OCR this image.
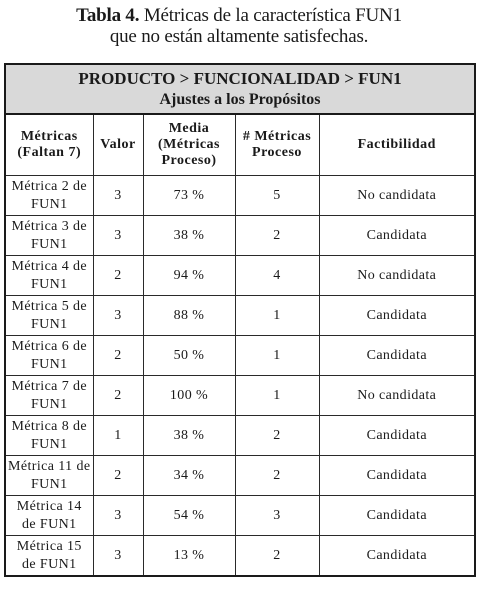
Tabla 4. Métricas de la característica FUN1
que no están altamente satisfechas.
PRODUCTO > FUNCIONALIDAD > FUN1
Ajustes a los Propósitos				

Métricas (Faltan 7)	Valor	Media (Métricas Proceso)	# Métricas Proceso	Factibilidad
Métrica 2 de FUN1	3	73 %	5	No candidata
Métrica 3 de FUN1	3	38 %	2	Candidata
Métrica 4 de FUN1	2	94 %	4	No candidata
Métrica 5 de FUN1	3	88 %	1	Candidata
Métrica 6 de FUN1	2	50 %	1	Candidata
Métrica 7 de FUN1	2	100 %	1	No candidata
Métrica 8 de FUN1	1	38 %	2	Candidata
Métrica 11 de FUN1	2	34 %	2	Candidata
Métrica 14 de FUN1	3	54 %	3	Candidata
Métrica 15 de FUN1	3	13 %	2	Candidata
